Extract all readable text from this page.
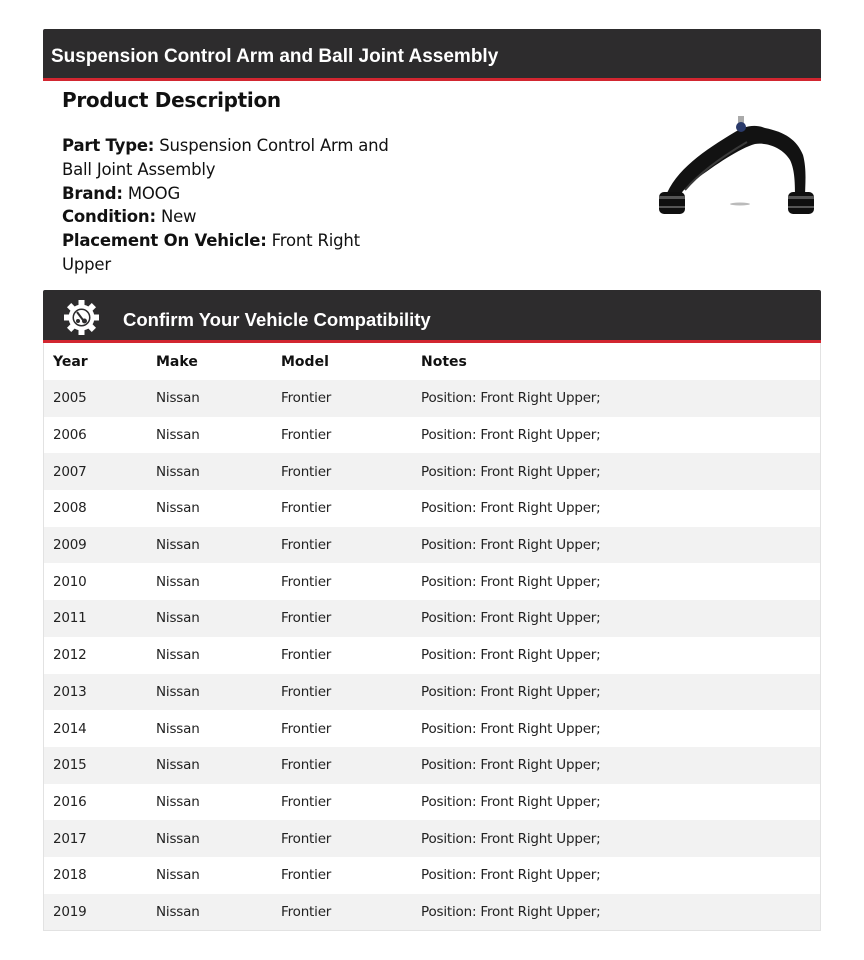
Suspension Control Arm and Ball Joint Assembly
Product Description
Part Type: Suspension Control Arm and Ball Joint Assembly
Brand: MOOG
Condition: New
Placement On Vehicle: Front Right Upper
Confirm Your Vehicle Compatibility
Year	Make	Model	Notes
2005	Nissan	Frontier	Position: Front Right Upper;
2006	Nissan	Frontier	Position: Front Right Upper;
2007	Nissan	Frontier	Position: Front Right Upper;
2008	Nissan	Frontier	Position: Front Right Upper;
2009	Nissan	Frontier	Position: Front Right Upper;
2010	Nissan	Frontier	Position: Front Right Upper;
2011	Nissan	Frontier	Position: Front Right Upper;
2012	Nissan	Frontier	Position: Front Right Upper;
2013	Nissan	Frontier	Position: Front Right Upper;
2014	Nissan	Frontier	Position: Front Right Upper;
2015	Nissan	Frontier	Position: Front Right Upper;
2016	Nissan	Frontier	Position: Front Right Upper;
2017	Nissan	Frontier	Position: Front Right Upper;
2018	Nissan	Frontier	Position: Front Right Upper;
2019	Nissan	Frontier	Position: Front Right Upper;
